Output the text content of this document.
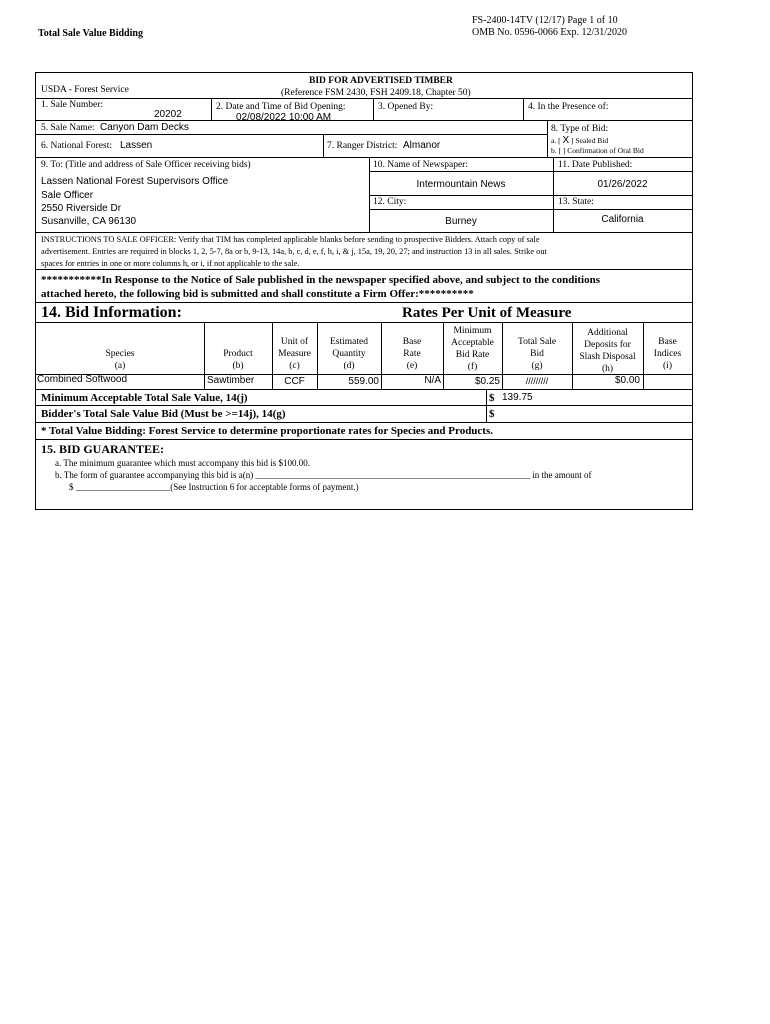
Total Sale Value Bidding
FS-2400-14TV (12/17) Page 1 of 10
OMB No. 0596-0066 Exp. 12/31/2020
USDA - Forest Service
BID FOR ADVERTISED TIMBER
(Reference FSM 2430, FSH 2409.18, Chapter 50)
1. Sale Number:
20202
2. Date and Time of Bid Opening:
02/08/2022 10:00 AM
3. Opened By:	4. In the Presence of:
5. Sale Name: Canyon Dam Decks	8. Type of Bid:
a. [ X ] Sealed Bid
b. [ ] Confirmation of Oral Bid
6. National Forest: Lassen	7. Ranger District: Almanor
9. To: (Title and address of Sale Officer receiving bids)
Lassen National Forest Supervisors Office
Sale Officer
2550 Riverside Dr
Susanville, CA 96130
10. Name of Newspaper:
Intermountain News
11. Date Published:
01/26/2022
12. City:
Burney
13. State:
California
INSTRUCTIONS TO SALE OFFICER: Verify that TIM has completed applicable blanks before sending to prospective Bidders. Attach copy of sale
advertisement. Entries are required in blocks 1, 2, 5-7, 8a or b, 9-13, 14a, b, c, d, e, f, h, i, & j, 15a, 19, 20, 27; and instruction 13 in all sales. Strike out
spaces for entries in one or more columns h, or i, if not applicable to the sale.
***********In Response to the Notice of Sale published in the newspaper specified above, and subject to the conditions
attached hereto, the following bid is submitted and shall constitute a Firm Offer:**********
14. Bid Information:	Rates Per Unit of Measure
Species
(a)
Product
(b)
Unit of
Measure
(c)
Estimated
Quantity
(d)
Base
Rate
(e)
Minimum
Acceptable
Bid Rate
(f)
Total Sale
Bid
(g)
Additional
Deposits for
Slash Disposal
(h)
Base
Indices
(i)
Combined Softwood	Sawtimber	CCF	559.00	N/A	$0.25	/////////	$0.00
Minimum Acceptable Total Sale Value, 14(j)	$ 139.75
Bidder's Total Sale Value Bid (Must be >=14j), 14(g)	$
* Total Value Bidding: Forest Service to determine proportionate rates for Species and Products.
15. BID GUARANTEE:
a. The minimum guarantee which must accompany this bid is $100.00.
b. The form of guarantee accompanying this bid is a(n) _____________________________________________________________ in the amount of
$ _____________________(See Instruction 6 for acceptable forms of payment.)
